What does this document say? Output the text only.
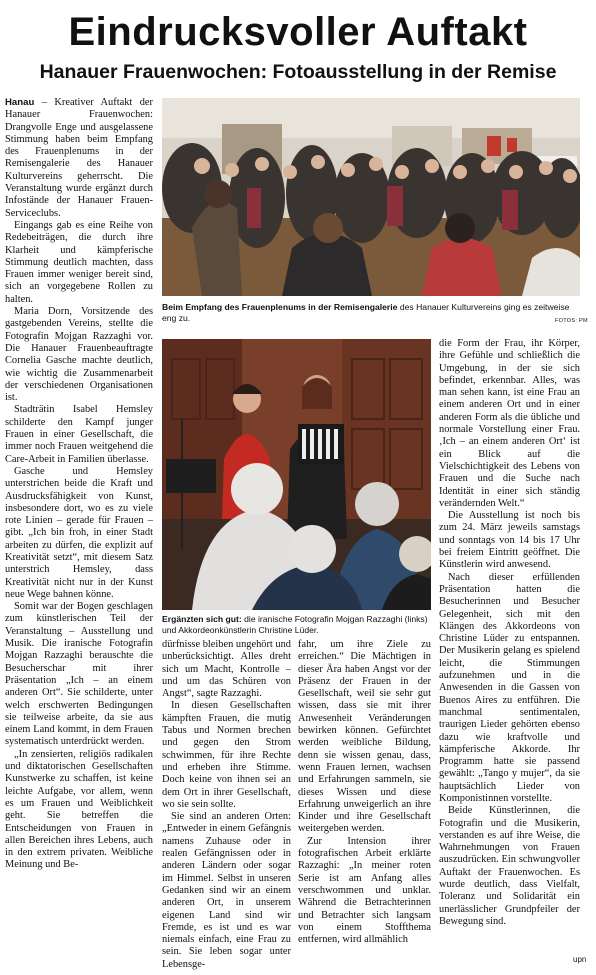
Eindrucksvoller Auftakt
Hanauer Frauenwochen: Fotoausstellung in der Remise

Hanau – Kreativer Auftakt der Hanauer Frauenwochen: Drangvolle Enge und ausgelassene Stimmung haben beim Empfang des Frauenplenums in der Remisengalerie des Hanauer Kulturvereins geherrscht. Die Veranstaltung wurde ergänzt durch Infostände der Hanauer Frauen-Serviceclubs.

Eingangs gab es eine Reihe von Redebeiträgen, die durch ihre Klarheit und kämpferische Stimmung deutlich machten, dass Frauen immer weniger bereit sind, sich an vorgegebene Rollen zu halten.

Maria Dorn, Vorsitzende des gastgebenden Vereins, stellte die Fotografin Mojgan Razzaghi vor. Die Hanauer Frauenbeauftragte Cornelia Gasche machte deutlich, wie wichtig die Zusammenarbeit der verschiedenen Organisationen ist.

Stadträtin Isabel Hemsley schilderte den Kampf junger Frauen in einer Gesellschaft, die immer noch Frauen weitgehend die Care-Arbeit in Familien überlasse.

Gasche und Hemsley unterstrichen beide die Kraft und Ausdrucksfähigkeit von Kunst, insbesondere dort, wo es zu viele rote Linien – gerade für Frauen – gibt. „Ich bin froh, in einer Stadt arbeiten zu dürfen, die explizit auf Kreativität setzt“, mit diesem Satz unterstrich Hemsley, dass Kreativität nicht nur in der Kunst neue Wege bahnen könne.

Somit war der Bogen geschlagen zum künstlerischen Teil der Veranstaltung – Ausstellung und Musik. Die iranische Fotografin Mojgan Razzaghi berauschte die Besucherschar mit ihrer Präsentation „Ich – an einem anderen Ort“. Sie schilderte, unter welch erschwerten Bedingungen sie teilweise arbeite, da sie aus einem Land kommt, in dem Frauen systematisch unterdrückt werden.

„In zensierten, religiös radikalen und diktatorischen Gesellschaften Kunstwerke zu schaffen, ist keine leichte Aufgabe, vor allem, wenn es um Frauen und Weiblichkeit geht. Sie betreffen die Entscheidungen von Frauen in allen Bereichen ihres Lebens, auch in den extrem privaten. Weibliche Meinung und Be-

Beim Empfang des Frauenplenums in der Remisengalerie des Hanauer Kulturvereins ging es zeitweise eng zu.	FOTOS: PM
Ergänzten sich gut: die iranische Fotografin Mojgan Razzaghi (links) und Akkordeonkünstlerin Christine Lüder.

dürfnisse bleiben ungehört und unberücksichtigt. Alles dreht sich um Macht, Kontrolle – und um das Schüren von Angst“, sagte Razzaghi.

In diesen Gesellschaften kämpften Frauen, die mutig Tabus und Normen brechen und gegen den Strom schwimmen, für ihre Rechte und erheben ihre Stimme. Doch keine von ihnen sei an dem Ort in ihrer Gesellschaft, wo sie sein sollte.

Sie sind an anderen Orten: „Entweder in einem Gefängnis namens Zuhause oder in realen Gefängnissen oder in anderen Ländern oder sogar im Himmel. Selbst in unseren Gedanken sind wir an einem anderen Ort, in unserem eigenen Land sind wir Fremde, es ist und es war niemals einfach, eine Frau zu sein. Sie leben sogar unter Lebensge-

fahr, um ihre Ziele zu erreichen.“ Die Mächtigen in dieser Ära haben Angst vor der Präsenz der Frauen in der Gesellschaft, weil sie sehr gut wissen, dass sie mit ihrer Anwesenheit Veränderungen bewirken können. Gefürchtet werden weibliche Bildung, denn sie wissen genau, dass, wenn Frauen lernen, wachsen und Erfahrungen sammeln, sie dieses Wissen und diese Erfahrung unweigerlich an ihre Kinder und ihre Gesellschaft weitergeben werden.

Zur Intension ihrer fotografischen Arbeit erklärte Razzaghi: „In meiner roten Serie ist am Anfang alles verschwommen und unklar. Während die Betrachterinnen und Betrachter sich langsam von einem Stoffthema entfernen, wird allmählich

die Form der Frau, ihr Körper, ihre Gefühle und schließlich die Umgebung, in der sie sich befindet, erkennbar. Alles, was man sehen kann, ist eine Frau an einem anderen Ort und in einer anderen Form als die übliche und normale Vorstellung einer Frau. ‚Ich – an einem anderen Ort‘ ist ein Blick auf die Vielschichtigkeit des Lebens von Frauen und die Suche nach Identität in einer sich ständig verändernden Welt.“

Die Ausstellung ist noch bis zum 24. März jeweils samstags und sonntags von 14 bis 17 Uhr bei freiem Eintritt geöffnet. Die Künstlerin wird anwesend.

Nach dieser erfüllenden Präsentation hatten die Besucherinnen und Besucher Gelegenheit, sich mit den Klängen des Akkordeons von Christine Lüder zu entspannen. Der Musikerin gelang es spielend leicht, die Stimmungen aufzunehmen und in die Anwesenden in die Gassen von Buenos Aires zu entführen. Die manchmal sentimentalen, traurigen Lieder gehörten ebenso dazu wie kraftvolle und kämpferische Akkorde. Ihr Programm hatte sie passend gewählt: „Tango y mujer“, da sie hauptsächlich Lieder von Komponistinnen vorstellte.

Beide Künstlerinnen, die Fotografin und die Musikerin, verstanden es auf ihre Weise, die Wahrnehmungen von Frauen auszudrücken. Ein schwungvoller Auftakt der Frauenwochen. Es wurde deutlich, dass Vielfalt, Toleranz und Solidarität ein unerlässlicher Grundpfeiler der Bewegung sind.

upn
